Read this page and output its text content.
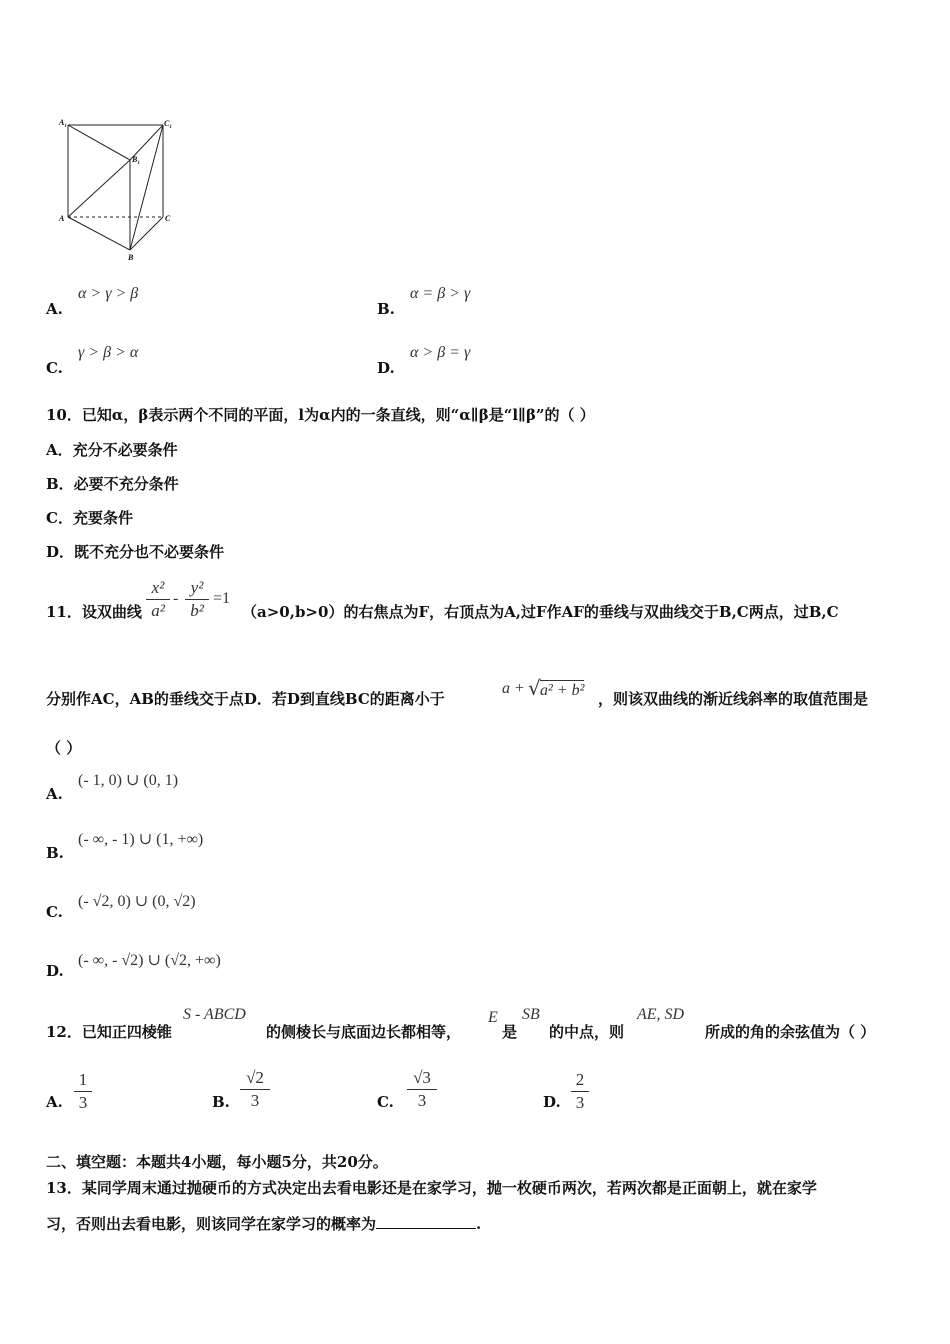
$A_1$	$C_1$
$B_1$
A	C
B
A.
α > γ > β
B.
α = β > γ
C.
γ > β > α
D.
α > β = γ
10．已知α，β表示两个不同的平面，l为α内的一条直线，则“α∥β是“l∥β”的（ ）
A．充分不必要条件
B．必要不充分条件
C．充要条件
D．既不充分也不必要条件
11．设双曲线
x²
a²
-
y²
b²
=1
（a>0,b>0）的右焦点为F，右顶点为A,过F作AF的垂线与双曲线交于B,C两点，过B,C
分别作AC，AB的垂线交于点D．若D到直线BC的距离小于
a + √ a² + b² ，则该双曲线的渐近线斜率的取值范围是
（ ）
A.
(- 1, 0) ∪ (0, 1)
B.
(- ∞, - 1) ∪ (1, +∞)
C.
(- √2, 0) ∪ (0, √2)
D.
(- ∞, - √2) ∪ (√2, +∞)
12．已知正四棱锥
S - ABCD
的侧棱长与底面边长都相等，
E
是
SB
的中点，则
AE, SD
所成的角的余弦值为（ ）
A.
1
3	B.
√2
3	C.
√3
3	D.
2
3
二、填空题：本题共4小题，每小题5分，共20分。
13．某同学周末通过抛硬币的方式决定出去看电影还是在家学习，抛一枚硬币两次，若两次都是正面朝上，就在家学
习，否则出去看电影，则该同学在家学习的概率为	.
